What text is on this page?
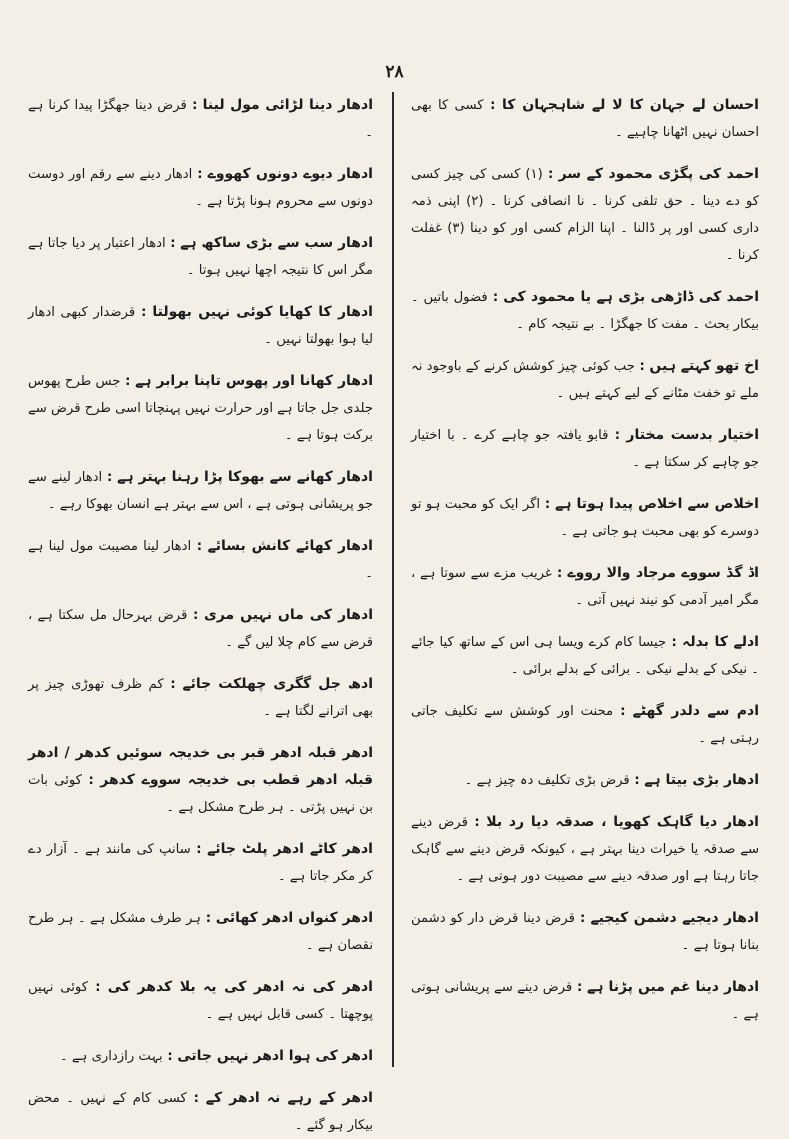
۲۸

احسان لے جہان کا لا لے شاہجہان کا : کسی کا بھی احسان نہیں اٹھانا چاہیے ۔

احمد کی پگڑی محمود کے سر : (۱) کسی کی چیز کسی کو دے دینا ۔ حق تلفی کرنا ۔ نا انصافی کرنا ۔ (۲) اپنی ذمہ داری کسی اور پر ڈالنا ۔ اپنا الزام کسی اور کو دینا (۳) غفلت کرنا ۔

احمد کی ڈاڑھی بڑی ہے یا محمود کی : فضول باتیں ۔ بیکار بحث ۔ مفت کا جھگڑا ۔ بے نتیجہ کام ۔

اخ تھو کہتے ہیں : جب کوئی چیز کوشش کرنے کے باوجود نہ ملے تو خفت مٹانے کے لیے کہتے ہیں ۔

اختیار بدست مختار : قابو یافتہ جو چاہے کرے ۔ با اختیار جو چاہے کر سکتا ہے ۔

اخلاص سے اخلاص پیدا ہوتا ہے : اگر ایک کو محبت ہو تو دوسرے کو بھی محبت ہو جاتی ہے ۔

اڈ گڈ سووے مرجاد والا رووے : غریب مزے سے سوتا ہے ، مگر امیر آدمی کو نیند نہیں آتی ۔

ادلے کا بدلہ : جیسا کام کرے ویسا ہی اس کے ساتھ کیا جائے ۔ نیکی کے بدلے نیکی ۔ برائی کے بدلے برائی ۔

ادم سے دلدر گھٹے : محنت اور کوشش سے تکلیف جاتی رہتی ہے ۔

ادھار بڑی بیتا ہے : قرض بڑی تکلیف دہ چیز ہے ۔

ادھار دیا گاہک کھویا ، صدقہ دیا رد بلا : قرض دینے سے صدقہ یا خیرات دینا بہتر ہے ، کیونکہ قرض دینے سے گاہک جاتا رہتا ہے اور صدقہ دینے سے مصیبت دور ہوتی ہے ۔

ادھار دیجیے دشمن کیجیے : قرض دینا قرض دار کو دشمن بنانا ہوتا ہے ۔

ادھار دینا غم میں پڑنا ہے : قرض دینے سے پریشانی ہوتی ہے ۔

ادھار دینا لڑائی مول لینا : قرض دینا جھگڑا پیدا کرنا ہے ۔

ادھار دیوے دونوں کھووے : ادھار دینے سے رقم اور دوست دونوں سے محروم ہونا پڑتا ہے ۔

ادھار سب سے بڑی ساکھ ہے : ادھار اعتبار پر دیا جاتا ہے مگر اس کا نتیجہ اچھا نہیں ہوتا ۔

ادھار کا کھایا کوئی نہیں بھولتا : قرضدار کبھی ادھار لیا ہوا بھولتا نہیں ۔

ادھار کھانا اور پھوس تاپنا برابر ہے : جس طرح پھوس جلدی جل جاتا ہے اور حرارت نہیں پہنچاتا اسی طرح قرض سے برکت ہوتا ہے ۔

ادھار کھانے سے بھوکا پڑا رہنا بہتر ہے : ادھار لینے سے جو پریشانی ہوتی ہے ، اس سے بہتر ہے انسان بھوکا رہے ۔

ادھار کھائے کانش بسائے : ادھار لینا مصیبت مول لینا ہے ۔

ادھار کی ماں نہیں مری : قرض بہرحال مل سکتا ہے ، قرض سے کام چلا لیں گے ۔

ادھ جل گگری چھلکت جائے : کم ظرف تھوڑی چیز پر بھی اترانے لگتا ہے ۔

ادھر قبلہ ادھر قبر بی خدیجہ سوئیں کدھر / ادھر قبلہ ادھر قطب بی خدیجہ سووے کدھر : کوئی بات بن نہیں پڑتی ۔ ہر طرح مشکل ہے ۔

ادھر کاٹے ادھر پلٹ جائے : سانپ کی مانند ہے ۔ آزار دے کر مکر جاتا ہے ۔

ادھر کنواں ادھر کھائی : ہر طرف مشکل ہے ۔ ہر طرح نقصان ہے ۔

ادھر کی نہ ادھر کی یہ بلا کدھر کی : کوئی نہیں پوچھتا ۔ کسی قابل نہیں ہے ۔

ادھر کی ہوا ادھر نہیں جاتی : بہت رازداری ہے ۔

ادھر کے رہے نہ ادھر کے : کسی کام کے نہیں ۔ محض بیکار ہو گئے ۔
